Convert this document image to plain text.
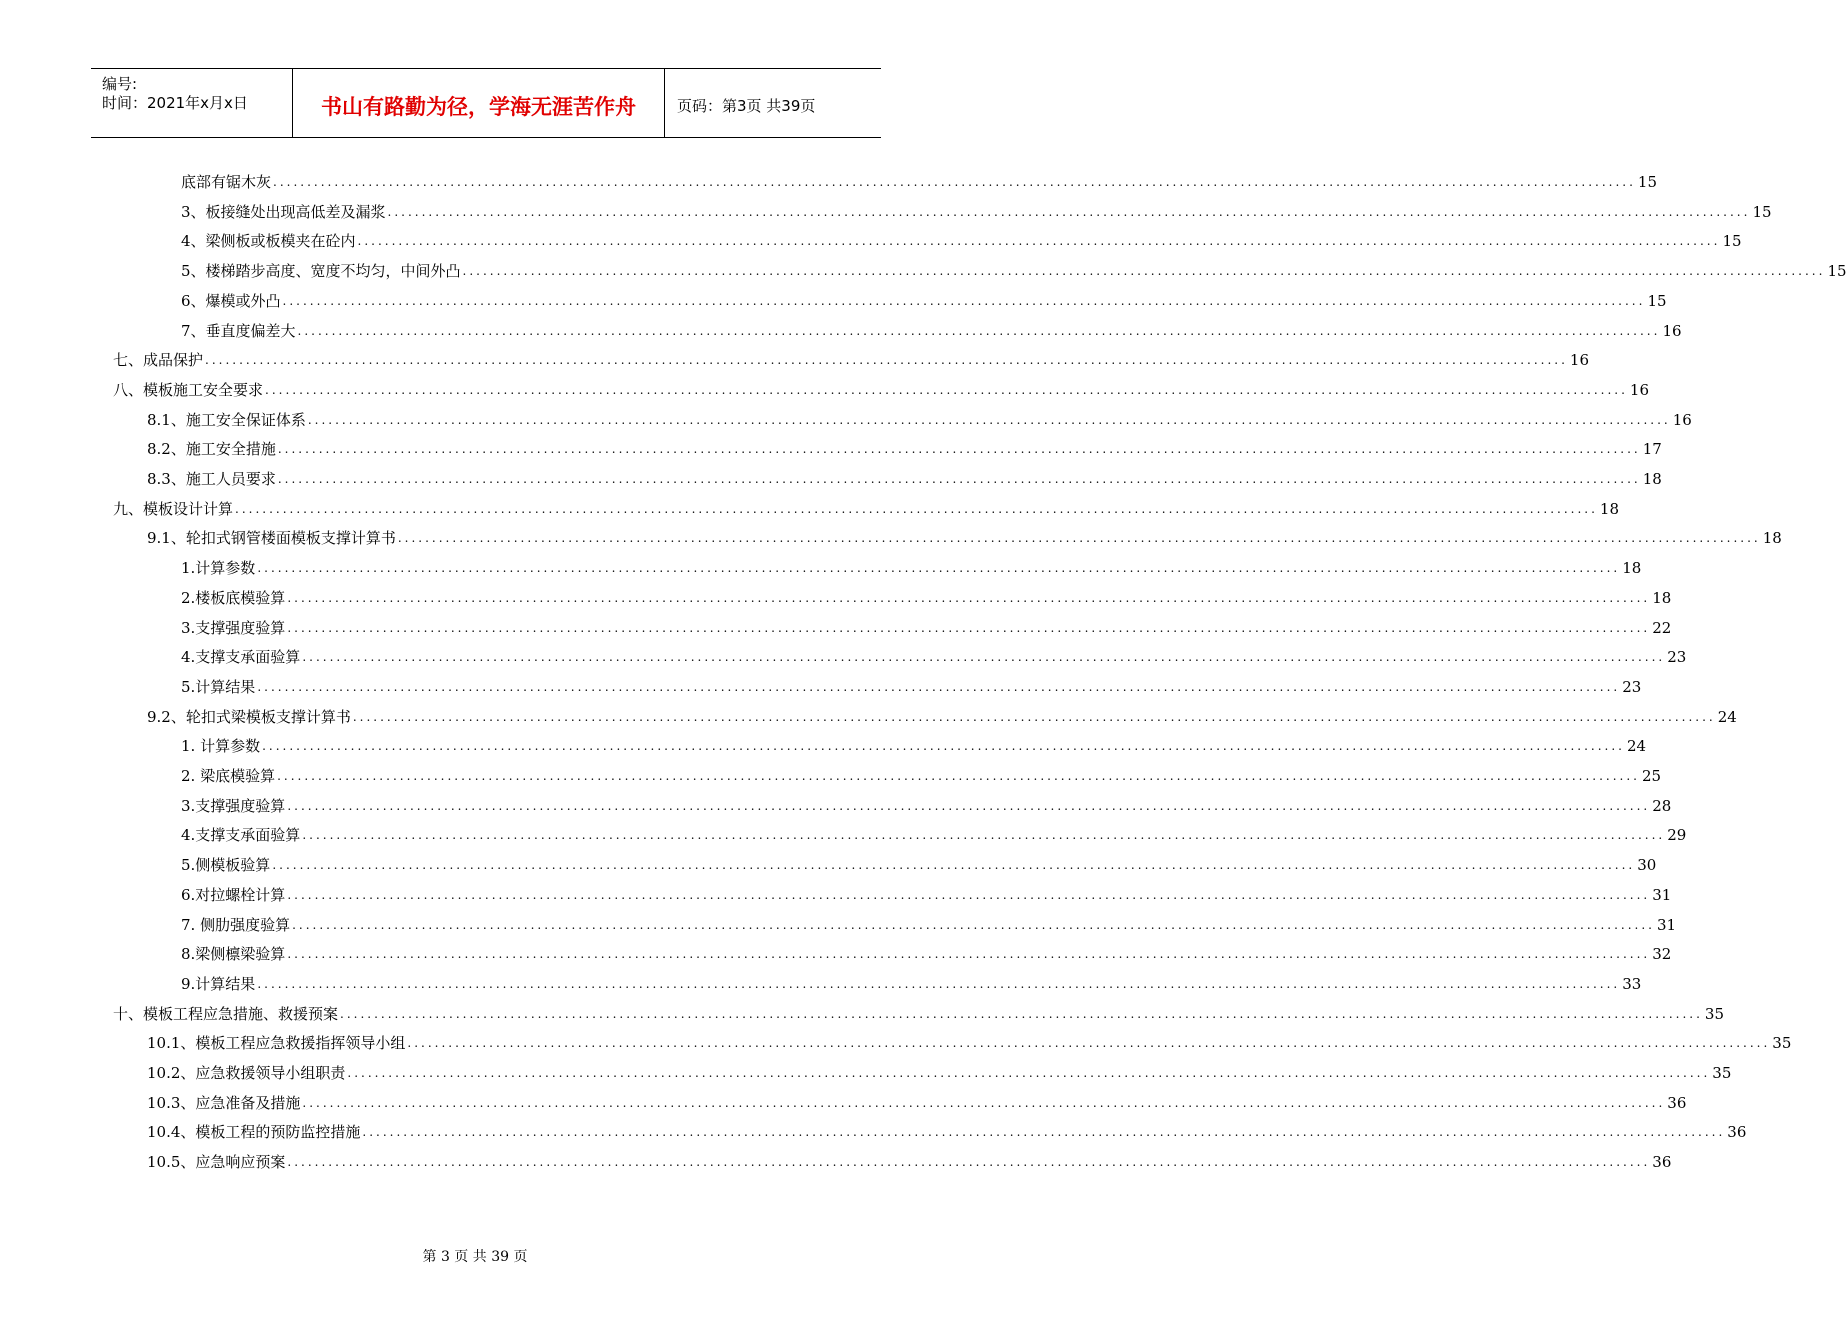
编号:
时间：2021年x月x日	书山有路勤为径，学海无涯苦作舟	页码：第3页 共39页
底部有锯木灰 ........................................................................................................................................................................................................ 15
3、板接缝处出现高低差及漏浆 ........................................................................................................................................................................................................ 15
4、梁侧板或板模夹在砼内 ........................................................................................................................................................................................................ 15
5、楼梯踏步高度、宽度不均匀，中间外凸 ........................................................................................................................................................................................................ 15
6、爆模或外凸 ........................................................................................................................................................................................................ 15
7、垂直度偏差大 ........................................................................................................................................................................................................ 16
七、成品保护 ........................................................................................................................................................................................................ 16
八、模板施工安全要求 ........................................................................................................................................................................................................ 16
8.1、施工安全保证体系 ........................................................................................................................................................................................................ 16
8.2、施工安全措施 ........................................................................................................................................................................................................ 17
8.3、施工人员要求 ........................................................................................................................................................................................................ 18
九、模板设计计算 ........................................................................................................................................................................................................ 18
9.1、轮扣式钢管楼面模板支撑计算书 ........................................................................................................................................................................................................ 18
1.计算参数 ........................................................................................................................................................................................................ 18
2.楼板底模验算 ........................................................................................................................................................................................................ 18
3.支撑强度验算 ........................................................................................................................................................................................................ 22
4.支撑支承面验算 ........................................................................................................................................................................................................ 23
5.计算结果 ........................................................................................................................................................................................................ 23
9.2、轮扣式梁模板支撑计算书 ........................................................................................................................................................................................................ 24
1. 计算参数 ........................................................................................................................................................................................................ 24
2. 梁底模验算 ........................................................................................................................................................................................................ 25
3.支撑强度验算 ........................................................................................................................................................................................................ 28
4.支撑支承面验算 ........................................................................................................................................................................................................ 29
5.侧模板验算 ........................................................................................................................................................................................................ 30
6.对拉螺栓计算 ........................................................................................................................................................................................................ 31
7. 侧肋强度验算 ........................................................................................................................................................................................................ 31
8.梁侧檩梁验算 ........................................................................................................................................................................................................ 32
9.计算结果 ........................................................................................................................................................................................................ 33
十、模板工程应急措施、救援预案 ........................................................................................................................................................................................................ 35
10.1、模板工程应急救援指挥领导小组 ........................................................................................................................................................................................................ 35
10.2、应急救援领导小组职责 ........................................................................................................................................................................................................ 35
10.3、应急准备及措施 ........................................................................................................................................................................................................ 36
10.4、模板工程的预防监控措施 ........................................................................................................................................................................................................ 36
10.5、应急响应预案 ........................................................................................................................................................................................................ 36
第 3 页 共 39 页
